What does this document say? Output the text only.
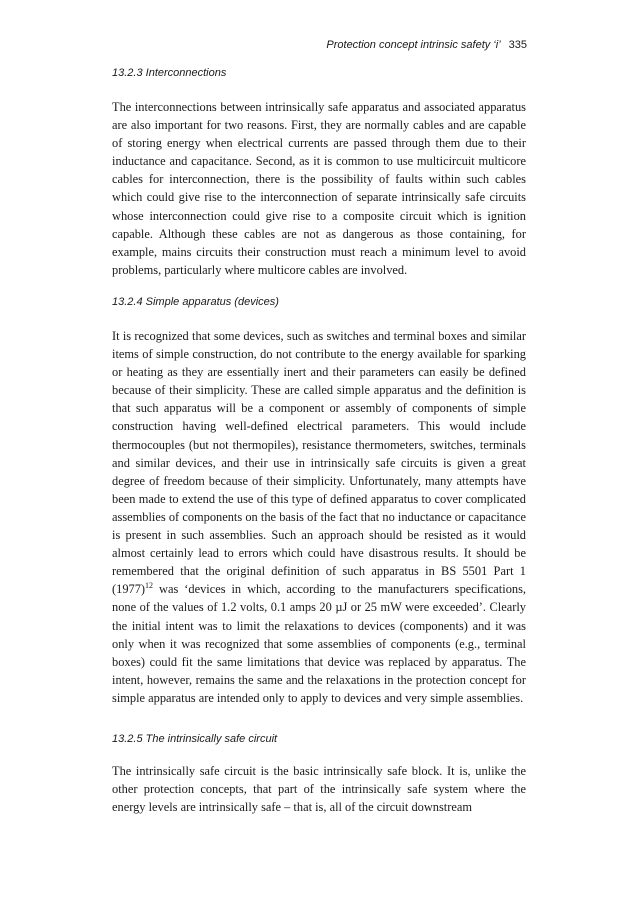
Protection concept intrinsic safety ‘i’ 335
13.2.3 Interconnections

The interconnections between intrinsically safe apparatus and associated apparatus are also important for two reasons. First, they are normally cables and are capable of storing energy when electrical currents are passed through them due to their inductance and capacitance. Second, as it is common to use multicircuit multicore cables for interconnection, there is the possibility of faults within such cables which could give rise to the interconnection of separate intrinsically safe circuits whose interconnection could give rise to a composite circuit which is ignition capable. Although these cables are not as dangerous as those containing, for example, mains circuits their construction must reach a minimum level to avoid problems, particularly where multicore cables are involved.

13.2.4 Simple apparatus (devices)

It is recognized that some devices, such as switches and terminal boxes and similar items of simple construction, do not contribute to the energy available for sparking or heating as they are essentially inert and their parameters can easily be defined because of their simplicity. These are called simple apparatus and the definition is that such apparatus will be a component or assembly of components of simple construction having well-defined electrical parameters. This would include thermocouples (but not thermopiles), resistance thermometers, switches, terminals and similar devices, and their use in intrinsically safe circuits is given a great degree of freedom because of their simplicity. Unfortunately, many attempts have been made to extend the use of this type of defined apparatus to cover complicated assemblies of components on the basis of the fact that no inductance or capacitance is present in such assemblies. Such an approach should be resisted as it would almost certainly lead to errors which could have disastrous results. It should be remembered that the original definition of such apparatus in BS 5501 Part 1 $(1977)^{12}$ was ‘devices in which, according to the manufacturers specifications, none of the values of 1.2 volts, 0.1 amps 20 µJ or 25 mW were exceeded’. Clearly the initial intent was to limit the relaxations to devices (components) and it was only when it was recognized that some assemblies of components (e.g., terminal boxes) could fit the same limitations that device was replaced by apparatus. The intent, however, remains the same and the relaxations in the protection concept for simple apparatus are intended only to apply to devices and very simple assemblies.

13.2.5 The intrinsically safe circuit

The intrinsically safe circuit is the basic intrinsically safe block. It is, unlike the other protection concepts, that part of the intrinsically safe system where the energy levels are intrinsically safe – that is, all of the circuit downstream
